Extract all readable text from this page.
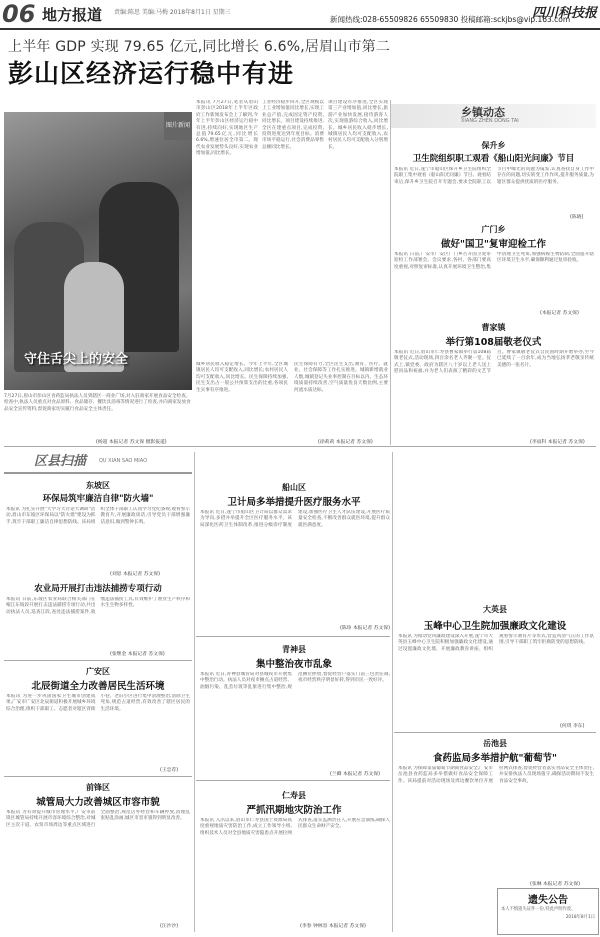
06 地方报道 责编:陈思 美编:马梅 2018年8月1日 星期三
新闻热线:028-65509826 65509830 投稿邮箱:sckjbs@vip.163.com
四川科技报
上半年 GDP 实现 79.65 亿元,同比增长 6.6%,居眉山市第二
彭山区经济运行稳中有进
图片新闻
守住舌尖上的安全
7月27日,眉山市彭山区食药监局执法人员到辖区一商业广场,对入驻商家开展食品安全检查。检查中,执法人员重点对食品原料、食品储存、餐饮具消毒等情况进行了检查,并向商家发放食品安全宣传资料,督促商家切实履行食品安全主体责任。
(杨超 本报记者 苏文保 摄影报道)
本报讯 7月27日,笔者从眉山市彭山区2018年上半年区政府工作新闻发布会上了解到,今年上半年彭山区经济运行稳中有进,持续向好,实现地区生产总值79.65亿元,同比增长6.6%,增速位居全市第二。现代农业发展势头良好,实现农业增加值,同比增长。
工业经济稳步回升,全区规模以上工业增加值同比增长,实现工业总产值,完成固定资产投资,同比增长。项目建设持续推进,全区在建重点项目,完成投资,投资进度达到年度目标。消费市场平稳运行,社会消费品零售总额同比增长。
项目建设有序推进,全区实现第三产业增加值,同比增长,旅游产业加快发展,接待游客人次,实现旅游综合收入,同比增长。城乡居民收入稳步增长,城镇居民人均可支配收入,农村居民人均可支配收入分别增长。
城乡居民收入稳定增长。今年上半年,全区城镇居民人均可支配收入,同比增长;农村居民人均可支配收入,同比增长。民生保障持续加强,民生支出占一般公共预算支出的比重,各项民生实事有序推进。
民生保障有力,全区民生支出,教育、医疗、就业、社会保障等工作扎实推进。城镇新增就业人数,城镇登记失业率控制在目标以内。生态环境质量持续改善,空气质量优良天数比例,主要河流水质达标。
(徐莉莉 本报记者 苏文保)
乡镇动态
XIANG ZHEN DONG TAI
保升乡
卫生院组织职工观看《船山阳光问廉》节目
本报讯 近日,遂宁市船山区保升乡卫生院组织全院职工集中观看《船山阳光问廉》节目。观看结束后,保升乡卫生院召开专题会,要求全院职工以节目中曝光的问题为镜鉴,认真查找自身工作中存在的问题,切实转变工作作风,提升服务质量,为辖区群众提供优质的医疗服务。
(陈晓)
广门乡
做好"国卫"复审迎检工作
本报讯 日前,广安市广安区广门乡召开国卫复审迎检工作部署会。会议要求,各村、各部门要高度重视,对照复审标准,认真开展环境卫生整治,集中清理卫生死角,加强病媒生物防制,全面提升辖区环境卫生水平,确保顺利通过复审验收。
(本报记者 苏文保)
曹家镇
举行第108届敬老仪式
本报讯 近日,眉山市仁寿县曹家镇举行第108届敬老仪式,活动现场,四百余名老人齐聚一堂。仪式上,镇党委、政府为辖区八十岁以上老人送上慰问品和祝福,并为老人们表演了精彩的文艺节目。曹家镇敬老仪式自民国时期开始举办,至今已延续了一百余年,成为当地弘扬孝老敬亲传统美德的一张名片。
(李雨科 本报记者 苏文保)
区县扫描	QU XIAN SAO MIAO
东坡区
环保局筑牢廉洁自律"防火墙"
本报讯 为扎实开展"大学习大讨论大调研"活动,眉山市东坡区环保局以"防火墙"建设为抓手,筑牢干部职工廉洁自律思想防线。该局组织全体干部职工认真学习党纪条规,观看警示教育片,开展廉政谈话,引导党员干部增强廉洁意识,做到警钟长鸣。
(刘思 本报记者 苏文保)
农业局开展打击违法捕捞专项行动
本报讯 日前,东坡区农业局联合相关部门在岷江东坡段开展打击违法捕捞专项行动,共出动执法人员,巡查江段,查处违法捕捞案件,收缴违法捕捞工具,有效维护了渔业生产秩序和水生生物多样性。
(张继金 本报记者 苏文保)
广安区
北辰街道全力改善居民生活环境
本报讯 为进一步巩固国家卫生城市创建成果,广安市广安区北辰街道积极开展城乡环境综合治理,组织干部职工、志愿者对辖区背街小巷、老旧小区进行集中清理整治,清除卫生死角,规范占道经营,有效改善了辖区居民的生活环境。
(王忠荐)
前锋区
城管局大力改善城区市容市貌
本报讯 为有效提升城市管理水平,广安市前锋区城管局持续开展市容环境综合整治,对城区主次干道、农贸市场周边等重点区域进行全面整治,规范店外经营和车辆停放,清理乱张贴乱涂画,城区市容市貌得到明显改善。
(汪沙沙)
船山区
卫计局多举措提升医疗服务水平
本报讯 近日,遂宁市船山区卫计局以群众需求为导向,多措并举提升全区医疗服务水平。该局深化医药卫生体制改革,推进分级诊疗制度建设,加强医疗卫生人才队伍建设,开展医疗质量安全检查,不断改善群众就医环境,提升群众就医满意度。
(陈珍 本报记者 苏文保)
青神县
集中整治夜市乱象
本报讯 近日,青神县城管局对县城夜市开展集中整治行动。执法人员对夜市摊点占道经营、油烟污染、乱丢垃圾等乱象进行集中整治,规范摊位摆放,督促经营户落实门前三包责任制,夜市经营秩序明显好转,得到市民一致好评。
(兰卿 本报记者 苏文保)
仁寿县
严抓汛期地灾防治工作
本报讯 入汛以来,眉山市仁寿县国土资源局高度重视地质灾害防治工作,成立工作领导小组,组织技术人员对全县地质灾害隐患点开展拉网式排查,落实监测责任人,开展应急演练,确保人民群众生命财产安全。
(李春 钟林容 本报记者 苏文保)
大英县
玉峰中心卫生院加强廉政文化建设
本报讯 为推动党风廉政建设深入开展,遂宁市大英县玉峰中心卫生院积极加强廉政文化建设,通过设置廉政文化墙、开展廉政教育讲座、组织观看警示教育片等形式,营造风清气正的工作氛围,引导干部职工筑牢拒腐防变的思想防线。
(何琪 李东)
岳池县
食药监局多举措护航"葡萄节"
本报讯 为保障第届葡萄节期间食品安全,广安市岳池县食药监局多举措做好食品安全保障工作。该局提前对活动现场及周边餐饮单位开展拉网式排查,督促经营者落实食品安全主体责任,并安排执法人员现场值守,确保活动期间不发生食品安全事故。
(张琳 本报记者 苏文保)
遗失公告
本人不慎遗失证件一份,特此声明作废。
2018年8月1日
